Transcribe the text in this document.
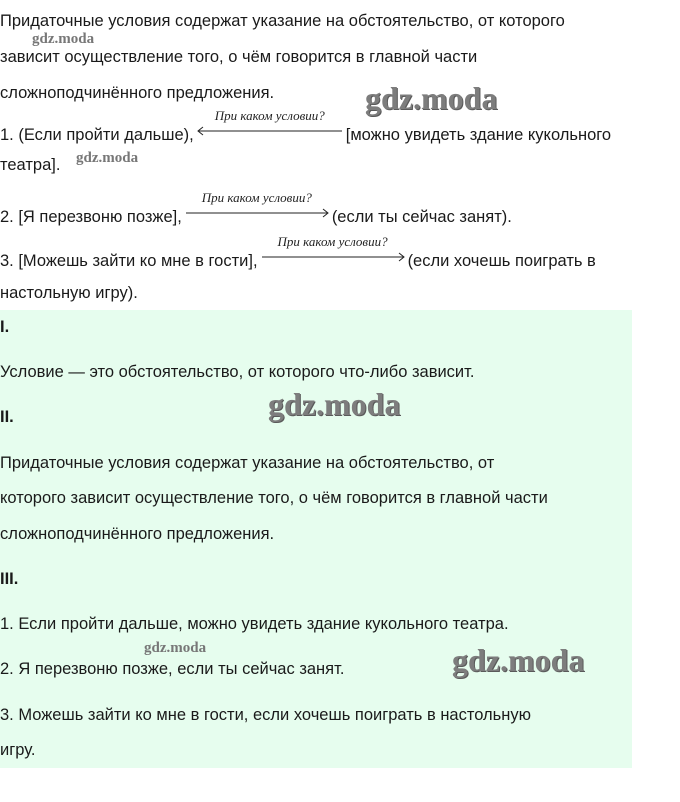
Придаточные условия содержат указание на обстоятельство, от которого
зависит осуществление того, о чём говорится в главной части
сложноподчинённого предложения.
1. (Если пройти дальше),
При каком условии?
[можно увидеть здание кукольного
театра].
2. [Я перезвоню позже],
При каком условии?
(если ты сейчас занят).
3. [Можешь зайти ко мне в гости],
При каком условии?
(если хочешь поиграть в
настольную игру).
I.
Условие — это обстоятельство, от которого что-либо зависит.
II.
Придаточные условия содержат указание на обстоятельство, от
которого зависит осуществление того, о чём говорится в главной части
сложноподчинённого предложения.
III.
1. Если пройти дальше, можно увидеть здание кукольного театра.
2. Я перезвоню позже, если ты сейчас занят.
3. Можешь зайти ко мне в гости, если хочешь поиграть в настольную
игру.
gdz.moda
gdz.moda
gdz.moda
gdz.moda
gdz.moda	gdz.moda
